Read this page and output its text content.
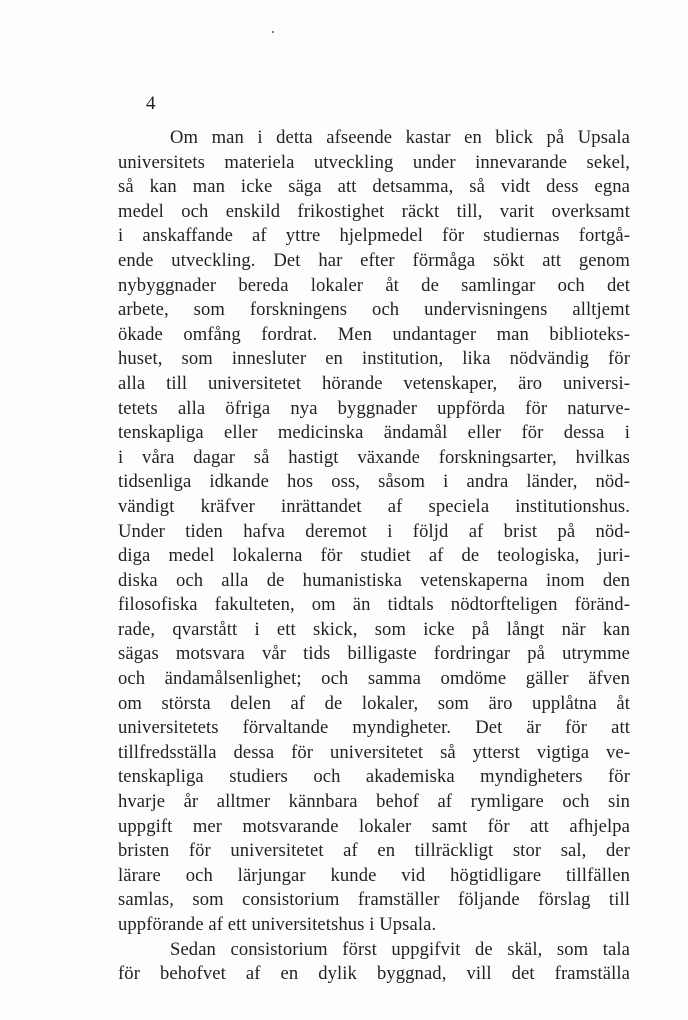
4
Om man i detta afseende kastar en blick på Upsala
universitets materiela utveckling under innevarande sekel,
så kan man icke säga att detsamma, så vidt dess egna
medel och enskild frikostighet räckt till, varit overksamt
i anskaffande af yttre hjelpmedel för studiernas fortgå-
ende utveckling. Det har efter förmåga sökt att genom
nybyggnader bereda lokaler åt de samlingar och det
arbete, som forskningens och undervisningens alltjemt
ökade omfång fordrat. Men undantager man biblioteks-
huset, som innesluter en institution, lika nödvändig för
alla till universitetet hörande vetenskaper, äro universi-
tetets alla öfriga nya byggnader uppförda för naturve-
tenskapliga eller medicinska ändamål eller för dessa i
i våra dagar så hastigt växande forskningsarter, hvilkas
tidsenliga idkande hos oss, såsom i andra länder, nöd-
vändigt kräfver inrättandet af speciela institutionshus.
Under tiden hafva deremot i följd af brist på nöd-
diga medel lokalerna för studiet af de teologiska, juri-
diska och alla de humanistiska vetenskaperna inom den
filosofiska fakulteten, om än tidtals nödtorfteligen föränd-
rade, qvarstått i ett skick, som icke på långt när kan
sägas motsvara vår tids billigaste fordringar på utrymme
och ändamålsenlighet; och samma omdöme gäller äfven
om största delen af de lokaler, som äro upplåtna åt
universitetets förvaltande myndigheter. Det är för att
tillfredsställa dessa för universitetet så ytterst vigtiga ve-
tenskapliga studiers och akademiska myndigheters för
hvarje år alltmer kännbara behof af rymligare och sin
uppgift mer motsvarande lokaler samt för att afhjelpa
bristen för universitetet af en tillräckligt stor sal, der
lärare och lärjungar kunde vid högtidligare tillfällen
samlas, som consistorium framställer följande förslag till
uppförande af ett universitetshus i Upsala.
Sedan consistorium först uppgifvit de skäl, som tala
för behofvet af en dylik byggnad, vill det framställa
